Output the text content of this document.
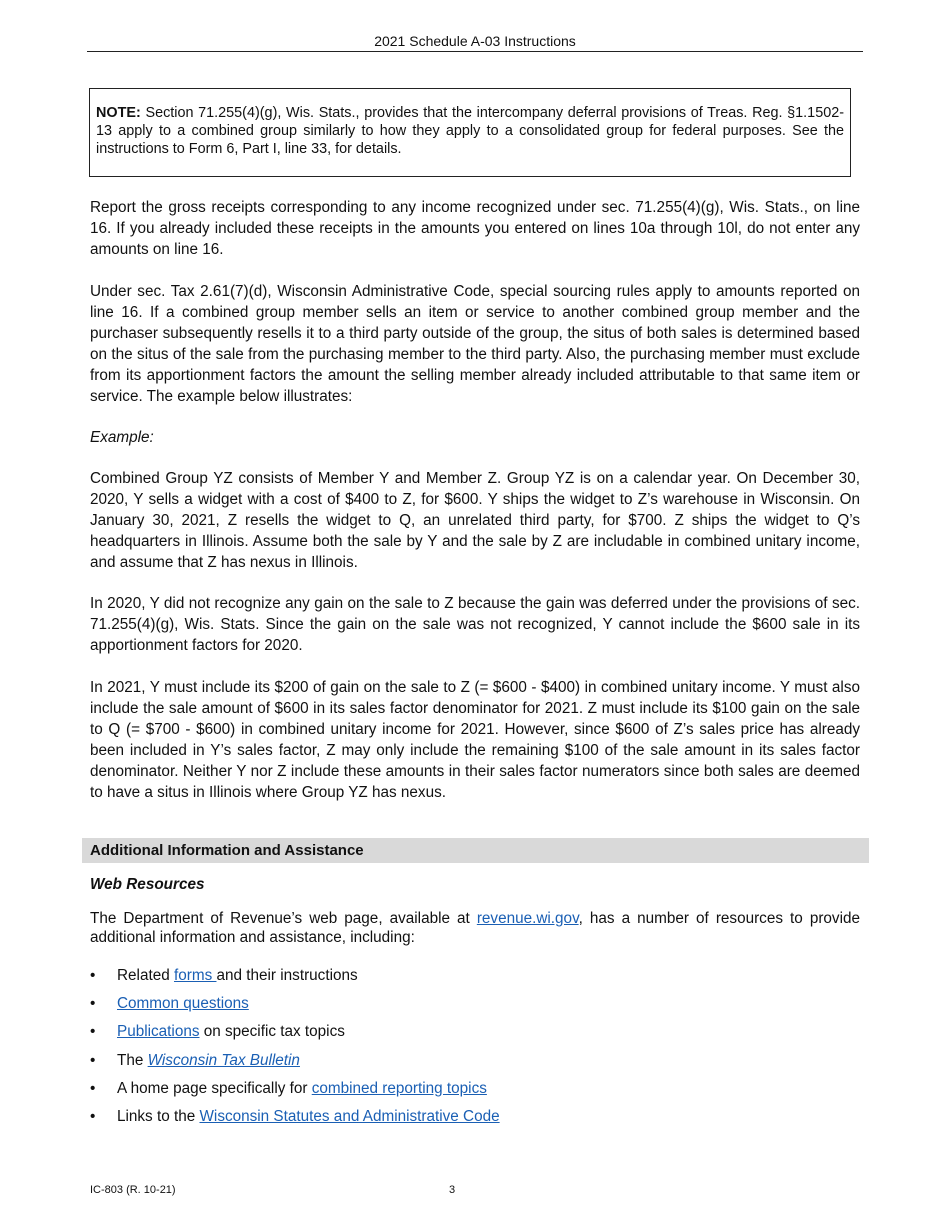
2021 Schedule A-03 Instructions
NOTE: Section 71.255(4)(g), Wis. Stats., provides that the intercompany deferral provisions of Treas. Reg. §1.1502-13 apply to a combined group similarly to how they apply to a consolidated group for federal purposes. See the instructions to Form 6, Part I, line 33, for details.

Report the gross receipts corresponding to any income recognized under sec. 71.255(4)(g), Wis. Stats., on line 16. If you already included these receipts in the amounts you entered on lines 10a through 10l, do not enter any amounts on line 16.

Under sec. Tax 2.61(7)(d), Wisconsin Administrative Code, special sourcing rules apply to amounts reported on line 16. If a combined group member sells an item or service to another combined group member and the purchaser subsequently resells it to a third party outside of the group, the situs of both sales is determined based on the situs of the sale from the purchasing member to the third party. Also, the purchasing member must exclude from its apportionment factors the amount the selling member already included attributable to that same item or service. The example below illustrates:

Example:

Combined Group YZ consists of Member Y and Member Z. Group YZ is on a calendar year. On December 30, 2020, Y sells a widget with a cost of $400 to Z, for $600. Y ships the widget to Z’s warehouse in Wisconsin. On January 30, 2021, Z resells the widget to Q, an unrelated third party, for $700. Z ships the widget to Q’s headquarters in Illinois. Assume both the sale by Y and the sale by Z are includable in combined unitary income, and assume that Z has nexus in Illinois.

In 2020, Y did not recognize any gain on the sale to Z because the gain was deferred under the provisions of sec. 71.255(4)(g), Wis. Stats. Since the gain on the sale was not recognized, Y cannot include the $600 sale in its apportionment factors for 2020.

In 2021, Y must include its $200 of gain on the sale to Z (= $600 - $400) in combined unitary income. Y must also include the sale amount of $600 in its sales factor denominator for 2021. Z must include its $100 gain on the sale to Q (= $700 - $600) in combined unitary income for 2021. However, since $600 of Z’s sales price has already been included in Y’s sales factor, Z may only include the remaining $100 of the sale amount in its sales factor denominator. Neither Y nor Z include these amounts in their sales factor numerators since both sales are deemed to have a situs in Illinois where Group YZ has nexus.

Additional Information and Assistance
Web Resources

The Department of Revenue’s web page, available at revenue.wi.gov, has a number of resources to provide additional information and assistance, including:

• Related forms and their instructions
• Common questions
• Publications on specific tax topics
• The Wisconsin Tax Bulletin
• A home page specifically for combined reporting topics
• Links to the Wisconsin Statutes and Administrative Code
IC-803 (R. 10-21)	3
